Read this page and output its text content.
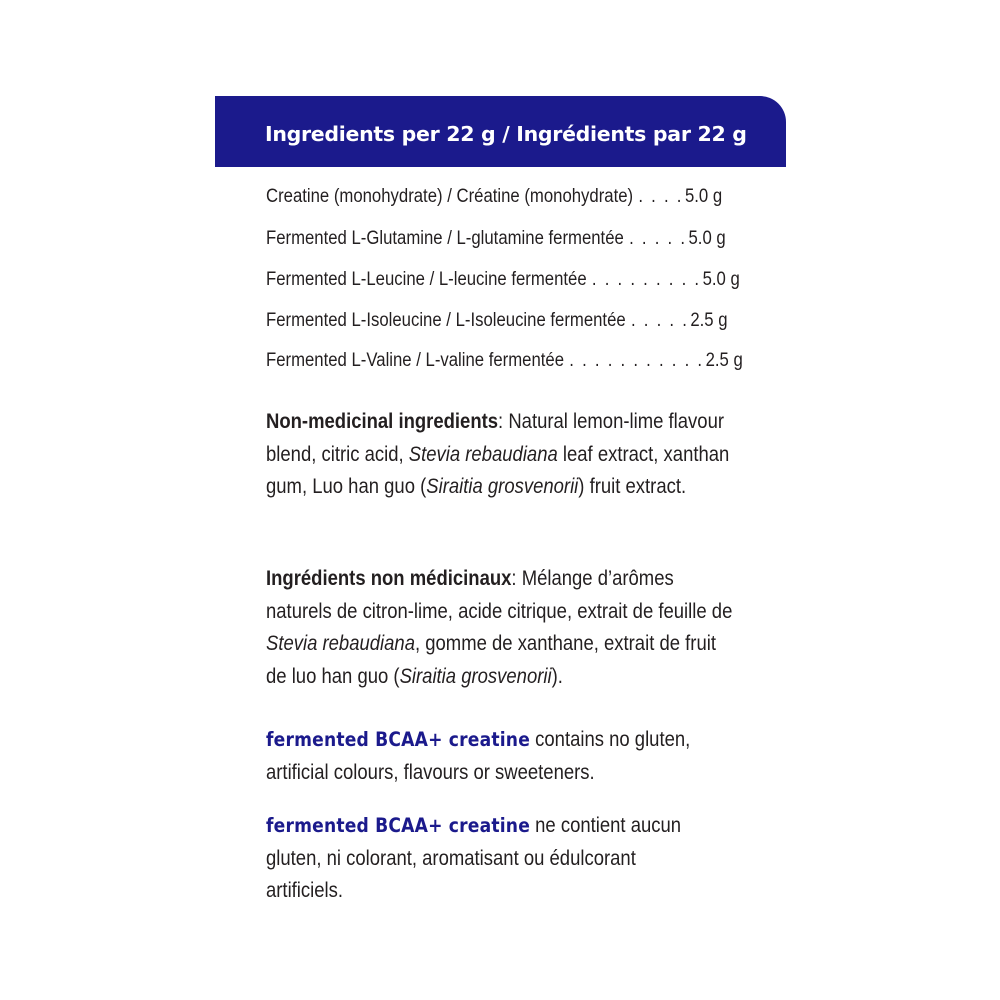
Ingredients per 22 g / Ingrédients par 22 g
Creatine (monohydrate) / Créatine (monohydrate) . . . . 5.0 g
Fermented L-Glutamine / L-glutamine fermentée . . . . . 5.0 g
Fermented L-Leucine / L-leucine fermentée . . . . . . . . . 5.0 g
Fermented L-Isoleucine / L-Isoleucine fermentée . . . . . 2.5 g
Fermented L-Valine / L-valine fermentée . . . . . . . . . . . 2.5 g
Non-medicinal ingredients: Natural lemon-lime flavour blend, citric acid, Stevia rebaudiana leaf extract, xanthan gum, Luo han guo (Siraitia grosvenorii) fruit extract.
Ingrédients non médicinaux: Mélange d’arômes naturels de citron-lime, acide citrique, extrait de feuille de Stevia rebaudiana, gomme de xanthane, extrait de fruit de luo han guo (Siraitia grosvenorii).
fermented BCAA+ creatine contains no gluten, artificial colours, flavours or sweeteners.
fermented BCAA+ creatine ne contient aucun gluten, ni colorant, aromatisant ou édulcorant artificiels.
